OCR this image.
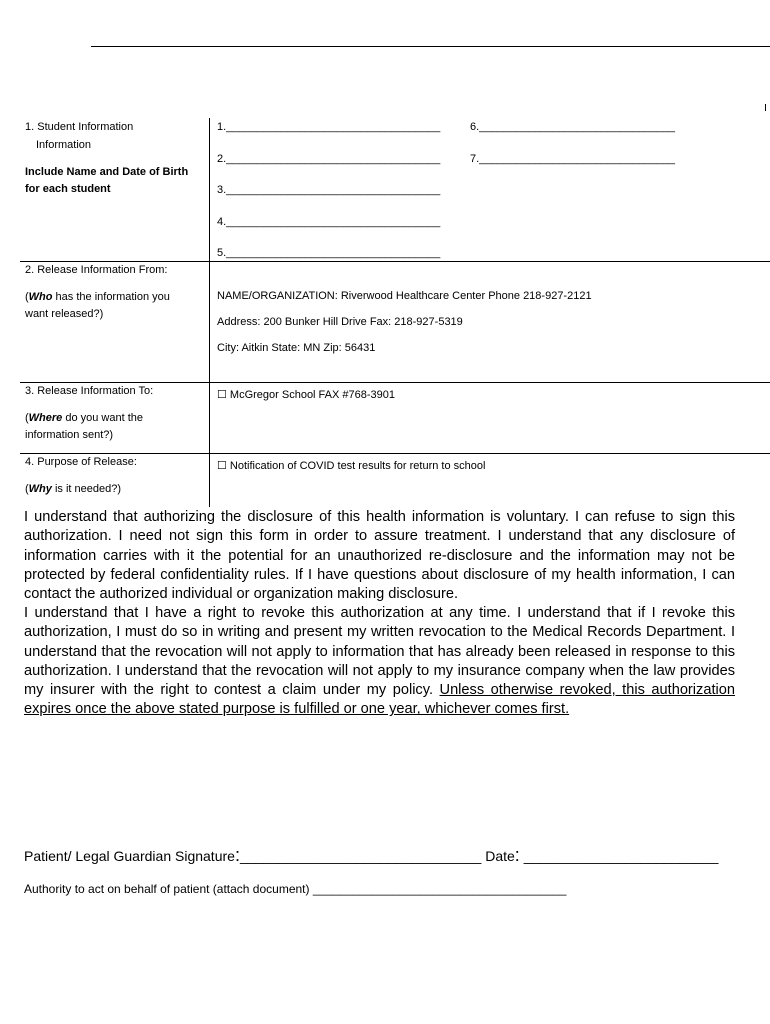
1. Student Information
Information
Include Name and Date of Birth
for each student
1.___________________________________
2.___________________________________
3.___________________________________
4.___________________________________
5.___________________________________
6.________________________________
7.________________________________
2. Release Information From:
(Who has the information you
want released?)
NAME/ORGANIZATION: Riverwood Healthcare Center Phone 218-927-2121
Address: 200 Bunker Hill Drive Fax: 218-927-5319
City: Aitkin State: MN Zip: 56431
3. Release Information To:
(Where do you want the
information sent?)
☐ McGregor School FAX #768-3901
4. Purpose of Release:
(Why is it needed?)
☐ Notification of COVID test results for return to school
I understand that authorizing the disclosure of this health information is voluntary. I can refuse to sign this authorization. I need not sign this form in order to assure treatment. I understand that any disclosure of information carries with it the potential for an unauthorized re-disclosure and the information may not be protected by federal confidentiality rules. If I have questions about disclosure of my health information, I can contact the authorized individual or organization making disclosure.
I understand that I have a right to revoke this authorization at any time. I understand that if I revoke this authorization, I must do so in writing and present my written revocation to the Medical Records Department. I understand that the revocation will not apply to information that has already been released in response to this authorization. I understand that the revocation will not apply to my insurance company when the law provides my insurer with the right to contest a claim under my policy. Unless otherwise revoked, this authorization expires once the above stated purpose is fulfilled or one year, whichever comes first.
Patient/ Legal Guardian Signature:_______________________________ Date: _________________________
Authority to act on behalf of patient (attach document) ______________________________________
